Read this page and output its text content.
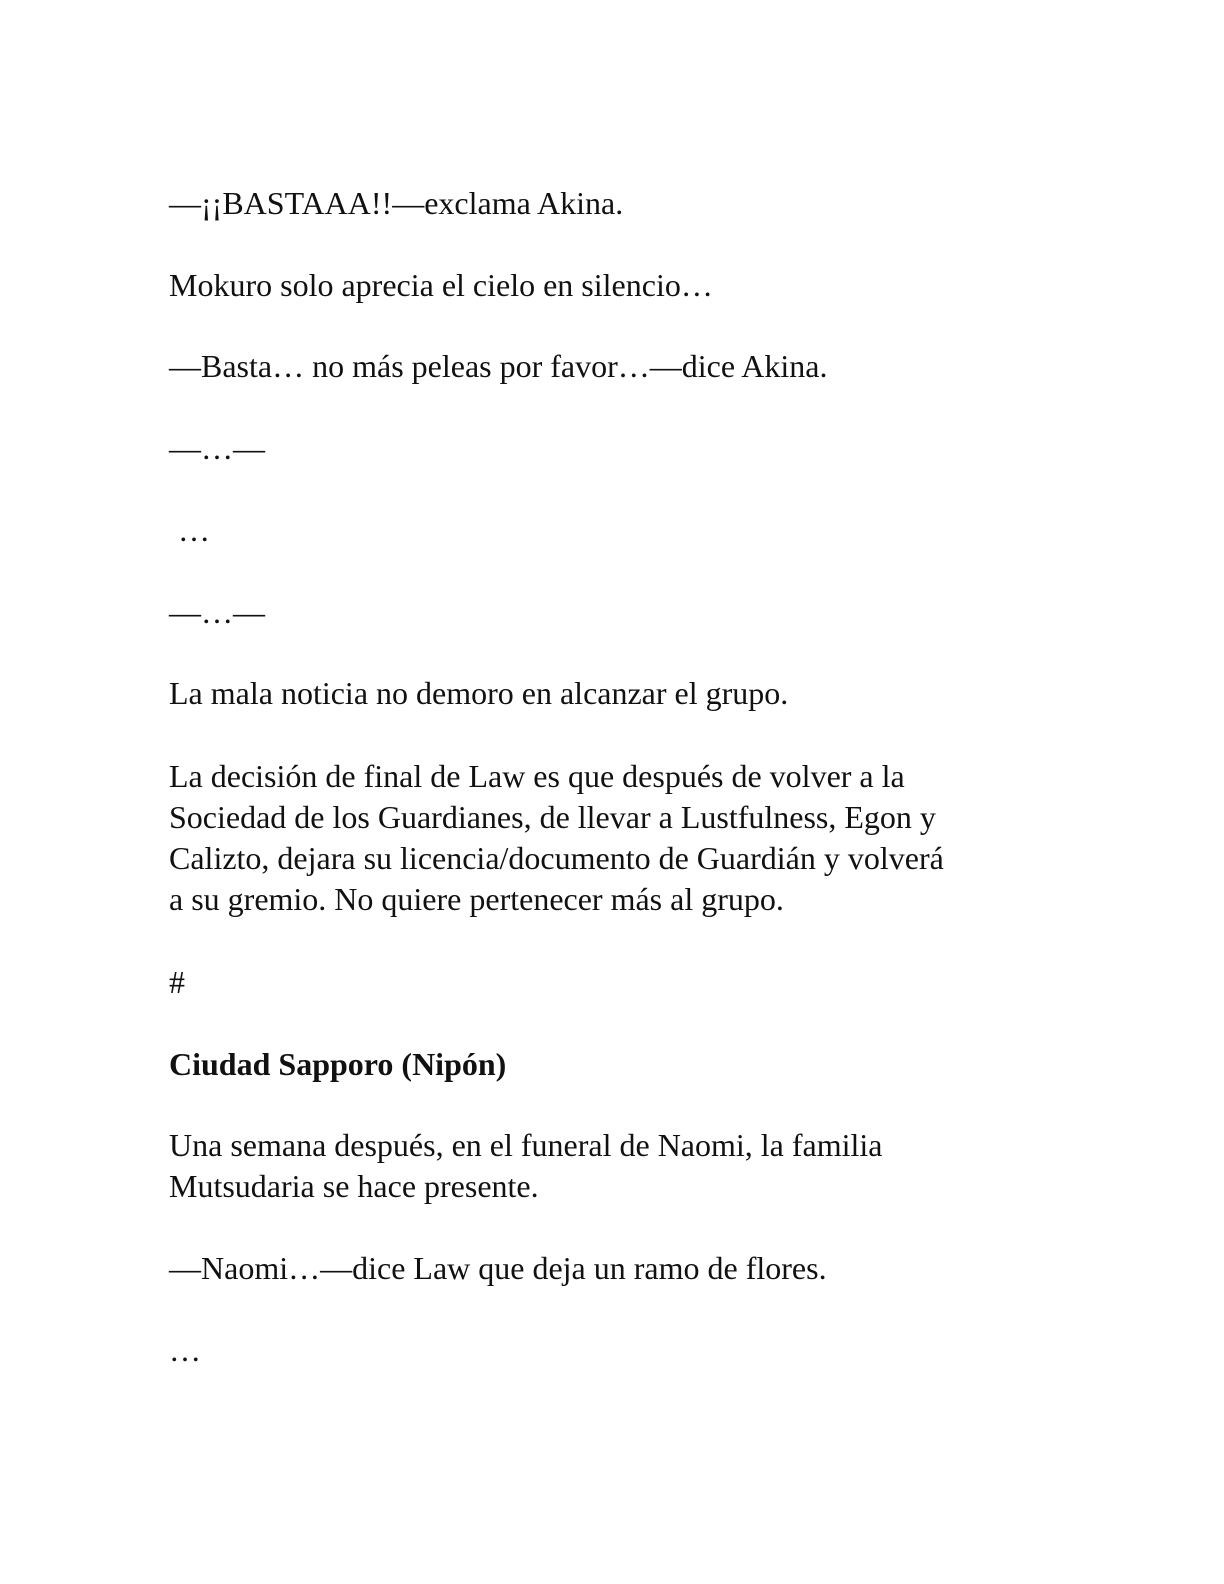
—¡¡BASTAAA!!—exclama Akina.

Mokuro solo aprecia el cielo en silencio…

—Basta… no más peleas por favor…—dice Akina.

—…—

…

—…—

La mala noticia no demoro en alcanzar el grupo.

La decisión de final de Law es que después de volver a la
Sociedad de los Guardianes, de llevar a Lustfulness, Egon y
Calizto, dejara su licencia/documento de Guardián y volverá
a su gremio. No quiere pertenecer más al grupo.

#

Ciudad Sapporo (Nipón)

Una semana después, en el funeral de Naomi, la familia
Mutsudaria se hace presente.

—Naomi…—dice Law que deja un ramo de flores.

…
